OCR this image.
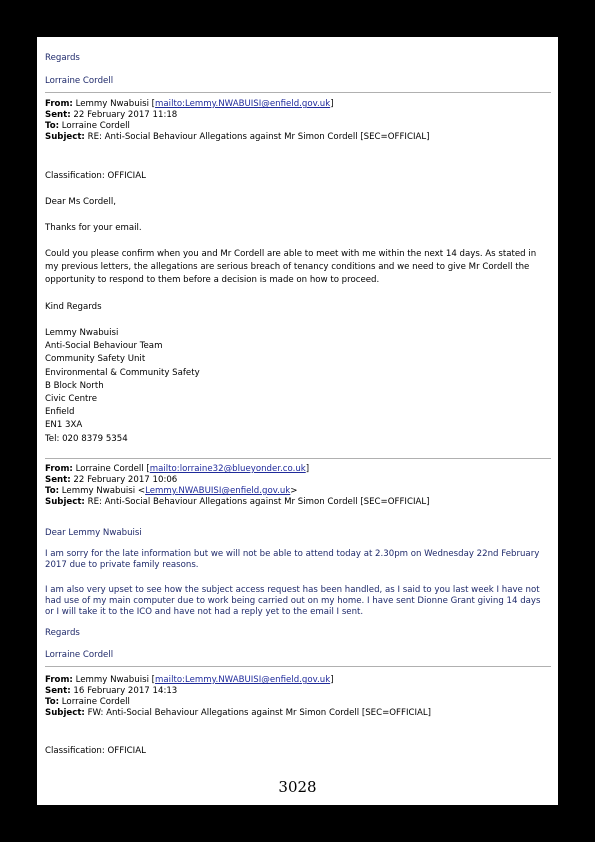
Regards
Lorraine Cordell
From: Lemmy Nwabuisi [mailto:Lemmy.NWABUISI@enfield.gov.uk]
Sent: 22 February 2017 11:18
To: Lorraine Cordell
Subject: RE: Anti-Social Behaviour Allegations against Mr Simon Cordell [SEC=OFFICIAL]
Classification: OFFICIAL
Dear Ms Cordell,
Thanks for your email.
Could you please confirm when you and Mr Cordell are able to meet with me within the next 14 days. As stated in my previous letters, the allegations are serious breach of tenancy conditions and we need to give Mr Cordell the opportunity to respond to them before a decision is made on how to proceed.
Kind Regards
Lemmy Nwabuisi
Anti-Social Behaviour Team
Community Safety Unit
Environmental & Community Safety
B Block North
Civic Centre
Enfield
EN1 3XA
Tel: 020 8379 5354
From: Lorraine Cordell [mailto:lorraine32@blueyonder.co.uk]
Sent: 22 February 2017 10:06
To: Lemmy Nwabuisi <Lemmy.NWABUISI@enfield.gov.uk>
Subject: RE: Anti-Social Behaviour Allegations against Mr Simon Cordell [SEC=OFFICIAL]
Dear Lemmy Nwabuisi
I am sorry for the late information but we will not be able to attend today at 2.30pm on Wednesday 22nd February 2017 due to private family reasons.
I am also very upset to see how the subject access request has been handled, as I said to you last week I have not had use of my main computer due to work being carried out on my home. I have sent Dionne Grant giving 14 days or I will take it to the ICO and have not had a reply yet to the email I sent.
Regards
Lorraine Cordell
From: Lemmy Nwabuisi [mailto:Lemmy.NWABUISI@enfield.gov.uk]
Sent: 16 February 2017 14:13
To: Lorraine Cordell
Subject: FW: Anti-Social Behaviour Allegations against Mr Simon Cordell [SEC=OFFICIAL]
Classification: OFFICIAL
3028
